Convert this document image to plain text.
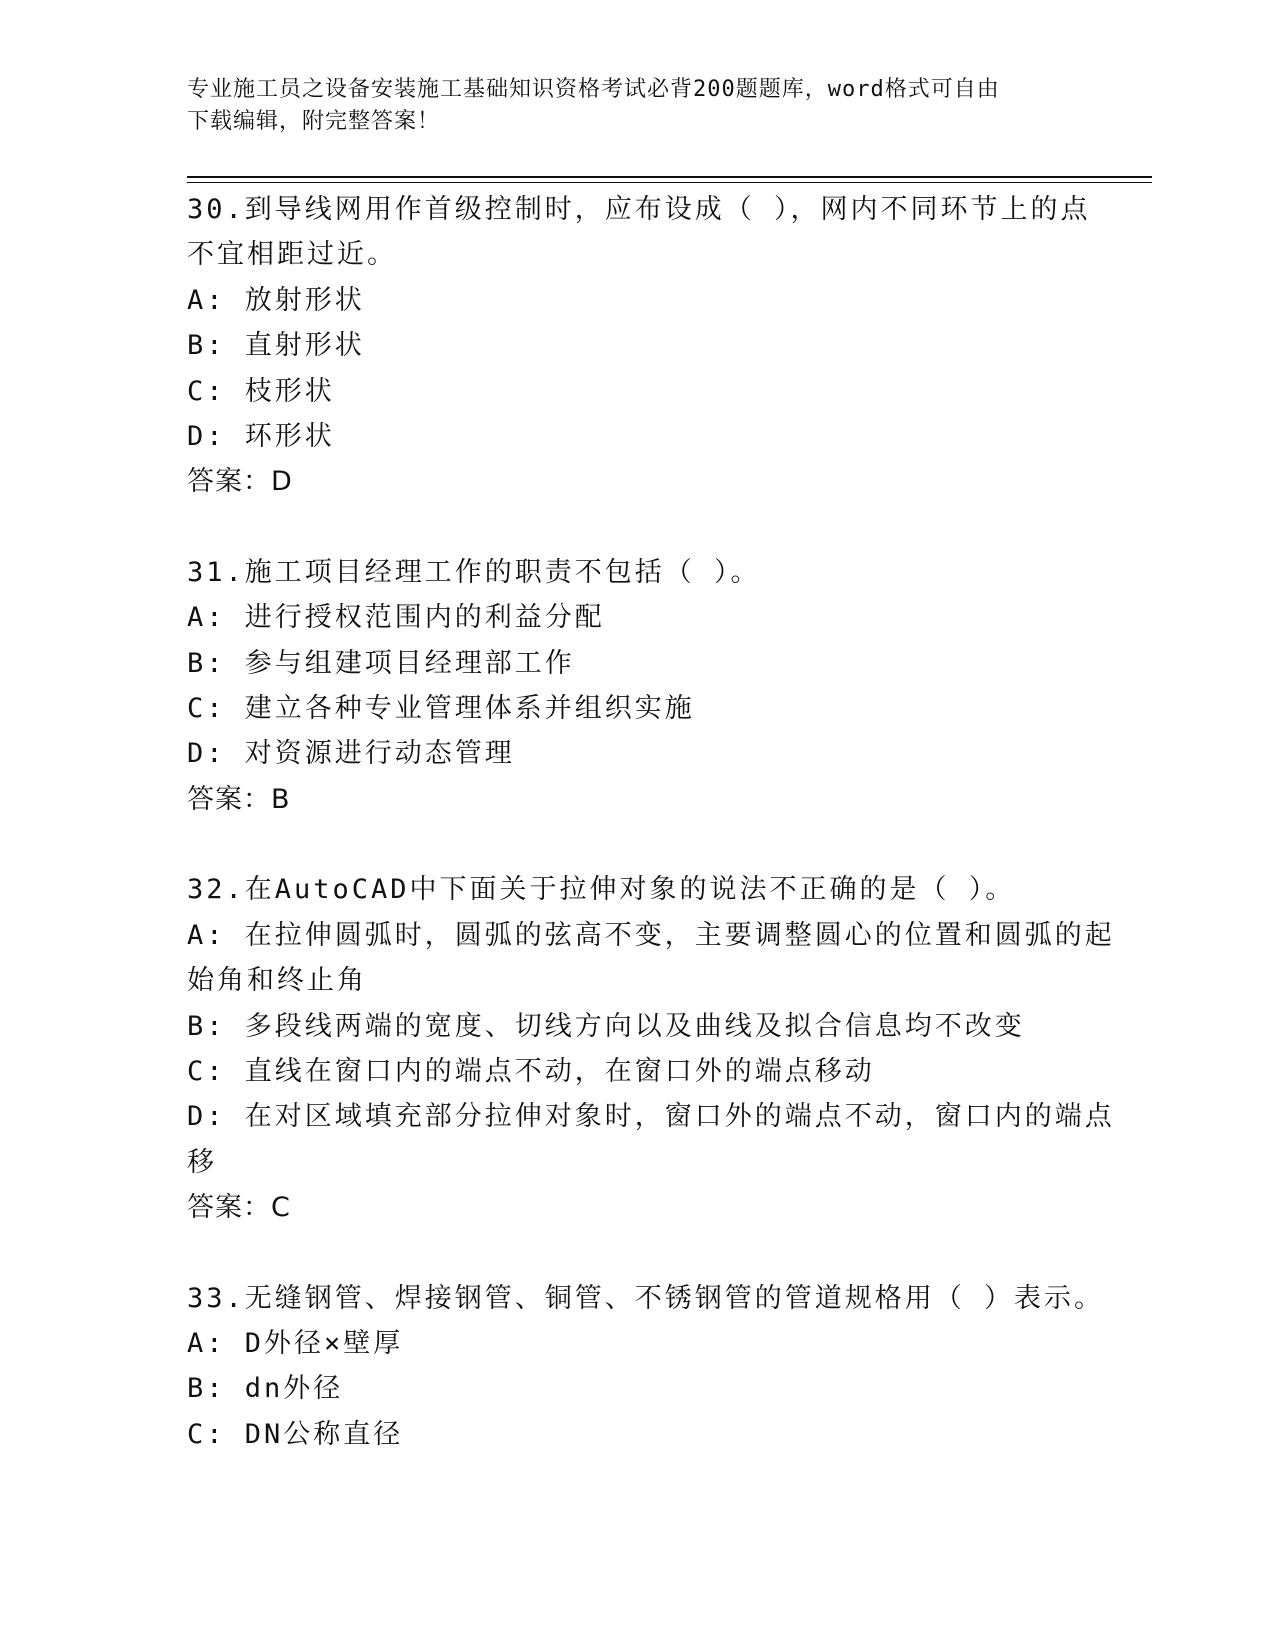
专业施工员之设备安装施工基础知识资格考试必背200题题库，word格式可自由
下载编辑，附完整答案！
30.到导线网用作首级控制时，应布设成（ ），网内不同环节上的点
不宜相距过近。
A: 放射形状
B: 直射形状
C: 枝形状
D: 环形状
答案：D
31.施工项目经理工作的职责不包括（ ）。
A: 进行授权范围内的利益分配
B: 参与组建项目经理部工作
C: 建立各种专业管理体系并组织实施
D: 对资源进行动态管理
答案：B
32.在AutoCAD中下面关于拉伸对象的说法不正确的是（ ）。
A: 在拉伸圆弧时，圆弧的弦高不变，主要调整圆心的位置和圆弧的起
始角和终止角
B: 多段线两端的宽度、切线方向以及曲线及拟合信息均不改变
C: 直线在窗口内的端点不动，在窗口外的端点移动
D: 在对区域填充部分拉伸对象时，窗口外的端点不动，窗口内的端点
移
答案：C
33.无缝钢管、焊接钢管、铜管、不锈钢管的管道规格用（ ）表示。
A: D外径×壁厚
B: dn外径
C: DN公称直径
